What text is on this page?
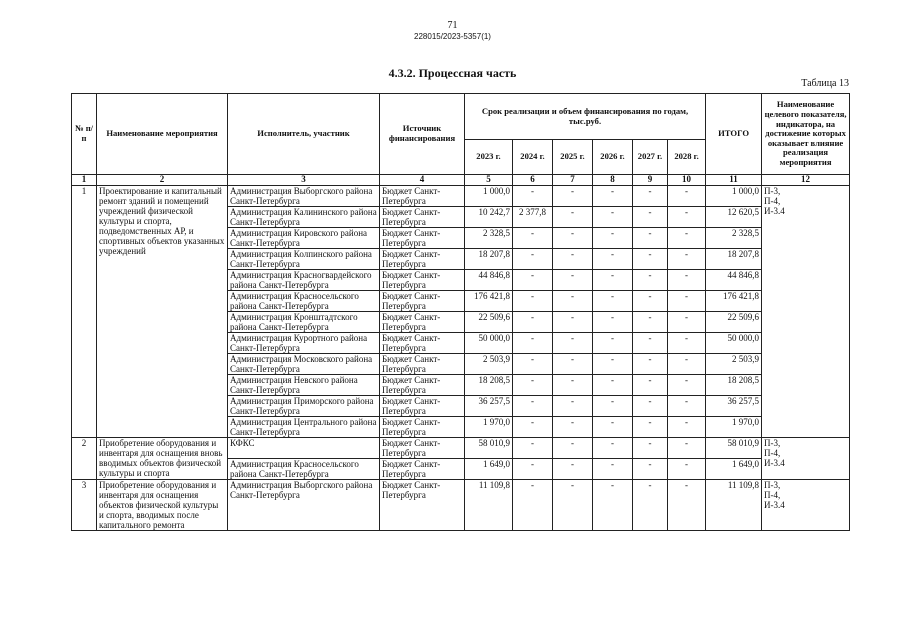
71
228015/2023-5357(1)
4.3.2. Процессная часть
Таблица 13
№ п/п	Наименование мероприятия	Исполнитель, участник	Источник финансирования	Срок реализации и объем финансирования по годам, тыс.руб.						ИТОГО	Наименование целевого показателя, индикатора, на достижение которых оказывает влияние реализация мероприятия
				2023 г.	2024 г.	2025 г.	2026 г.	2027 г.	2028 г.		
1	2	3	4	5	6	7	8	9	10	11	12
1	Проектирование и капитальный ремонт зданий и помещений учреждений физической культуры и спорта, подведомственных АР, и спортивных объектов указанных учреждений	Администрация Выборгского района Санкт-Петербурга	Бюджет Санкт-Петербурга	1 000,0	-	-	-	-	-	1 000,0	П-3,
П-4,
И-3.4
		Администрация Калининского района Санкт-Петербурга	Бюджет Санкт-Петербурга	10 242,7	2 377,8	-	-	-	-	12 620,5	
		Администрация Кировского района Санкт-Петербурга	Бюджет Санкт-Петербурга	2 328,5	-	-	-	-	-	2 328,5	
		Администрация Колпинского района Санкт-Петербурга	Бюджет Санкт-Петербурга	18 207,8	-	-	-	-	-	18 207,8	
		Администрация Красногвардейского района Санкт-Петербурга	Бюджет Санкт-Петербурга	44 846,8	-	-	-	-	-	44 846,8	
		Администрация Красносельского района Санкт-Петербурга	Бюджет Санкт-Петербурга	176 421,8	-	-	-	-	-	176 421,8	
		Администрация Кронштадтского района Санкт-Петербурга	Бюджет Санкт-Петербурга	22 509,6	-	-	-	-	-	22 509,6	
		Администрация Курортного района Санкт-Петербурга	Бюджет Санкт-Петербурга	50 000,0	-	-	-	-	-	50 000,0	
		Администрация Московского района Санкт-Петербурга	Бюджет Санкт-Петербурга	2 503,9	-	-	-	-	-	2 503,9	
		Администрация Невского района Санкт-Петербурга	Бюджет Санкт-Петербурга	18 208,5	-	-	-	-	-	18 208,5	
		Администрация Приморского района Санкт-Петербурга	Бюджет Санкт-Петербурга	36 257,5	-	-	-	-	-	36 257,5	
		Администрация Центрального района Санкт-Петербурга	Бюджет Санкт-Петербурга	1 970,0	-	-	-	-	-	1 970,0	
2	Приобретение оборудования и инвентаря для оснащения вновь вводимых объектов физической культуры и спорта	КФКС	Бюджет Санкт-Петербурга	58 010,9	-	-	-	-	-	58 010,9	П-3,
П-4,
И-3.4
		Администрация Красносельского района Санкт-Петербурга	Бюджет Санкт-Петербурга	1 649,0	-	-	-	-	-	1 649,0	
3	Приобретение оборудования и инвентаря для оснащения объектов физической культуры и спорта, вводимых после капитального ремонта	Администрация Выборгского района Санкт-Петербурга	Бюджет Санкт-Петербурга	11 109,8	-	-	-	-	-	11 109,8	П-3,
П-4,
И-3.4
